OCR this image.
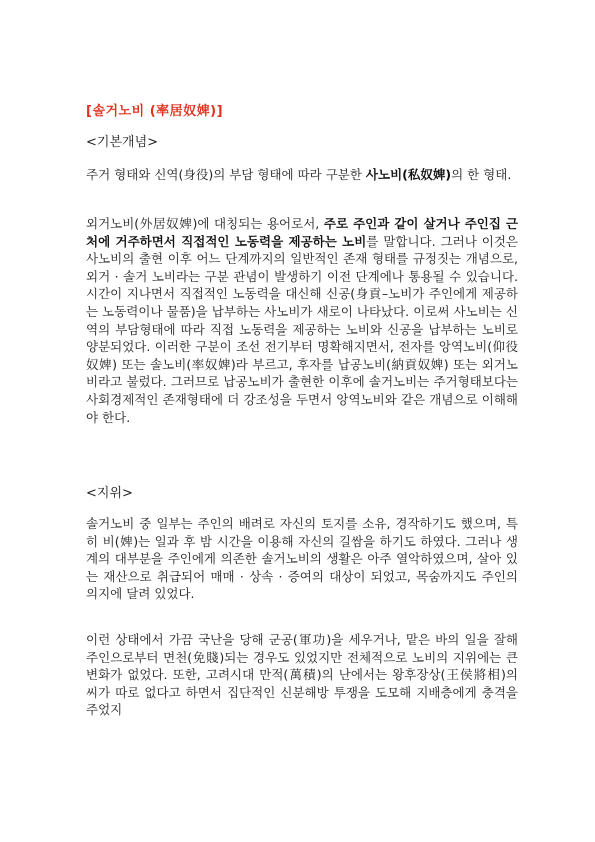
[솔거노비 (率居奴婢)]
<기본개념>
주거 형태와 신역(身役)의 부담 형태에 따라 구분한 사노비(私奴婢)의 한 형태.
외거노비(外居奴婢)에 대칭되는 용어로서, 주로 주인과 같이 살거나 주인집 근처에 거주하면서 직접적인 노동력을 제공하는 노비를 말합니다. 그러나 이것은 사노비의 출현 이후 어느 단계까지의 일반적인 존재 형태를 규정짓는 개념으로, 외거 · 솔거 노비라는 구분 관념이 발생하기 이전 단계에나 통용될 수 있습니다. 시간이 지나면서 직접적인 노동력을 대신해 신공(身貢–노비가 주인에게 제공하는 노동력이나 물품)을 납부하는 사노비가 새로이 나타났다. 이로써 사노비는 신역의 부담형태에 따라 직접 노동력을 제공하는 노비와 신공을 납부하는 노비로 양분되었다. 이러한 구분이 조선 전기부터 명확해지면서, 전자를 앙역노비(仰役奴婢) 또는 솔노비(率奴婢)라 부르고, 후자를 납공노비(納貢奴婢) 또는 외거노비라고 불렀다. 그러므로 납공노비가 출현한 이후에 솔거노비는 주거형태보다는 사회경제적인 존재형태에 더 강조성을 두면서 앙역노비와 같은 개념으로 이해해야 한다.
<지위>
솔거노비 중 일부는 주인의 배려로 자신의 토지를 소유, 경작하기도 했으며, 특히 비(婢)는 일과 후 밤 시간을 이용해 자신의 길쌈을 하기도 하였다. 그러나 생계의 대부분을 주인에게 의존한 솔거노비의 생활은 아주 열악하였으며, 살아 있는 재산으로 취급되어 매매 · 상속 · 증여의 대상이 되었고, 목숨까지도 주인의 의지에 달려 있었다.
이런 상태에서 가끔 국난을 당해 군공(軍功)을 세우거나, 맡은 바의 일을 잘해 주인으로부터 면천(免賤)되는 경우도 있었지만 전체적으로 노비의 지위에는 큰 변화가 없었다. 또한, 고려시대 만적(萬積)의 난에서는 왕후장상(王侯將相)의 씨가 따로 없다고 하면서 집단적인 신분해방 투쟁을 도모해 지배층에게 충격을 주었지
